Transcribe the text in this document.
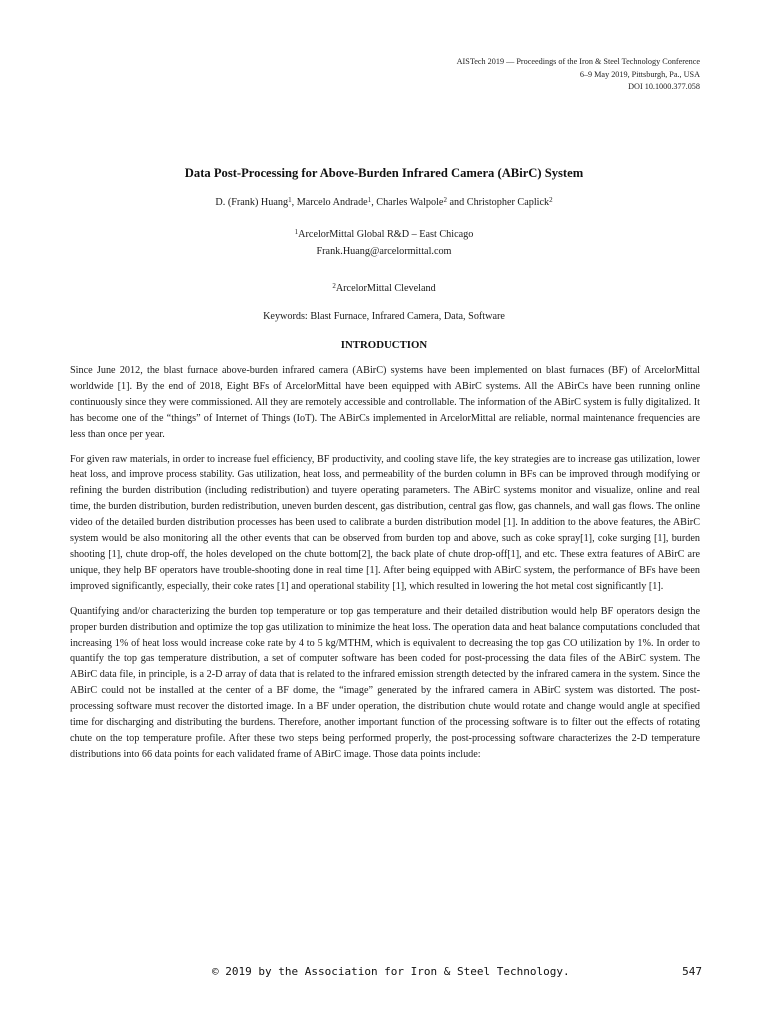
AISTech 2019 — Proceedings of the Iron & Steel Technology Conference
6–9 May 2019, Pittsburgh, Pa., USA
DOI 10.1000.377.058
Data Post-Processing for Above-Burden Infrared Camera (ABirC) System
D. (Frank) Huang$^1$, Marcelo Andrade$^1$, Charles Walpole$^2$ and Christopher Caplick$^2$
$^1$ArcelorMittal Global R&D – East Chicago
Frank.Huang@arcelormittal.com
$^2$ArcelorMittal Cleveland
Keywords: Blast Furnace, Infrared Camera, Data, Software
INTRODUCTION

Since June 2012, the blast furnace above-burden infrared camera (ABirC) systems have been implemented on blast furnaces (BF) of ArcelorMittal worldwide [1]. By the end of 2018, Eight BFs of ArcelorMittal have been equipped with ABirC systems. All the ABirCs have been running online continuously since they were commissioned. All they are remotely accessible and controllable. The information of the ABirC system is fully digitalized. It has become one of the “things” of Internet of Things (IoT). The ABirCs implemented in ArcelorMittal are reliable, normal maintenance frequencies are less than once per year.

For given raw materials, in order to increase fuel efficiency, BF productivity, and cooling stave life, the key strategies are to increase gas utilization, lower heat loss, and improve process stability. Gas utilization, heat loss, and permeability of the burden column in BFs can be improved through modifying or refining the burden distribution (including redistribution) and tuyere operating parameters. The ABirC systems monitor and visualize, online and real time, the burden distribution, burden redistribution, uneven burden descent, gas distribution, central gas flow, gas channels, and wall gas flows. The online video of the detailed burden distribution processes has been used to calibrate a burden distribution model [1]. In addition to the above features, the ABirC system would be also monitoring all the other events that can be observed from burden top and above, such as coke spray[1], coke surging [1], burden shooting [1], chute drop-off, the holes developed on the chute bottom[2], the back plate of chute drop-off[1], and etc. These extra features of ABirC are unique, they help BF operators have trouble-shooting done in real time [1]. After being equipped with ABirC system, the performance of BFs have been improved significantly, especially, their coke rates [1] and operational stability [1], which resulted in lowering the hot metal cost significantly [1].

Quantifying and/or characterizing the burden top temperature or top gas temperature and their detailed distribution would help BF operators design the proper burden distribution and optimize the top gas utilization to minimize the heat loss. The operation data and heat balance computations concluded that increasing 1% of heat loss would increase coke rate by 4 to 5 kg/MTHM, which is equivalent to decreasing the top gas CO utilization by 1%. In order to quantify the top gas temperature distribution, a set of computer software has been coded for post-processing the data files of the ABirC system. The ABirC data file, in principle, is a 2-D array of data that is related to the infrared emission strength detected by the infrared camera in the system. Since the ABirC could not be installed at the center of a BF dome, the “image” generated by the infrared camera in ABirC system was distorted. The post-processing software must recover the distorted image. In a BF under operation, the distribution chute would rotate and change would angle at specified time for discharging and distributing the burdens. Therefore, another important function of the processing software is to filter out the effects of rotating chute on the top temperature profile. After these two steps being performed properly, the post-processing software characterizes the 2-D temperature distributions into 66 data points for each validated frame of ABirC image. Those data points include:

© 2019 by the Association for Iron & Steel Technology.	547
